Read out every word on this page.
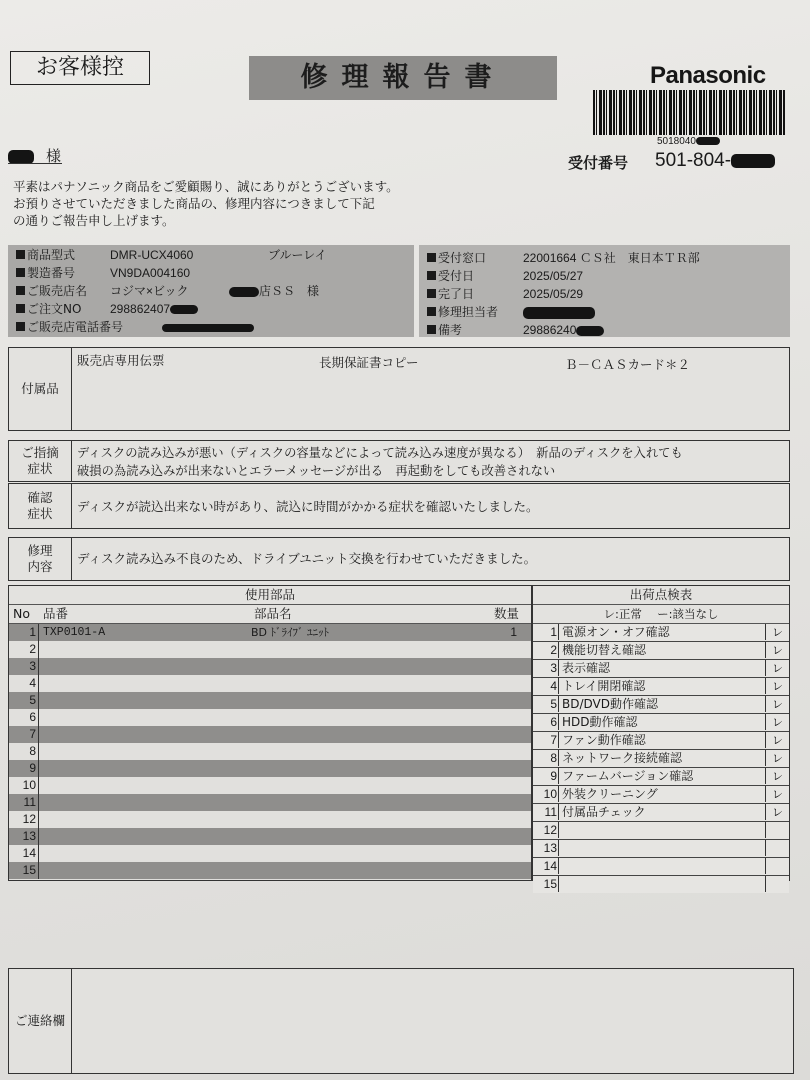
お客様控	修理報告書	Panasonic
5018040
受付番号 501-804-
様
平素はパナソニック商品をご愛顧賜り、誠にありがとうございます。
お預りさせていただきました商品の、修理内容につきまして下記
の通りご報告申し上げます。
商品型式	DMR-UCX4060	ブルーレイ
製造番号	VN9DA004160
ご販売店名 コジマ×ビック	店ＳＳ　様
ご注文NO 298862407
ご販売店電話番号
受付窓口	22001664 ＣＳ社　東日本ＴＲ部
受付日	2025/05/27
完了日	2025/05/29
修理担当者
備考	29886240
付属品
販売店専用伝票	長期保証書コピー	Ｂ－ＣＡＳカード＊２
ご指摘
症状
ディスクの読み込みが悪い（ディスクの容量などによって読み込み速度が異なる）　新品のディスクを入れても
破損の為読み込みが出来ないとエラーメッセージが出る　再起動をしても改善されない
確認
症状 ディスクが読込出来ない時があり、読込に時間がかかる症状を確認いたしました。
修理
内容
ディスク読み込み不良のため、ドライブユニット交換を行わせていただきました。
使用部品
No 品番	部品名	数量
1 TXP0101-A	BD ﾄﾞﾗｲﾌﾞ ﾕﾆｯﾄ	1
2
3
4
5
6
7
8
9
10
11
12
13
14
15
出荷点検表
レ:正常　 ー:該当なし
1 電源オン・オフ確認	レ
2 機能切替え確認	レ
3 表示確認	レ
4 トレイ開閉確認	レ
5 BD/DVD動作確認	レ
6 HDD動作確認	レ
7 ファン動作確認	レ
8 ネットワーク接続確認	レ
9 ファームバージョン確認	レ
10 外装クリーニング	レ
11 付属品チェック	レ
12
13
14
15
ご連絡欄
